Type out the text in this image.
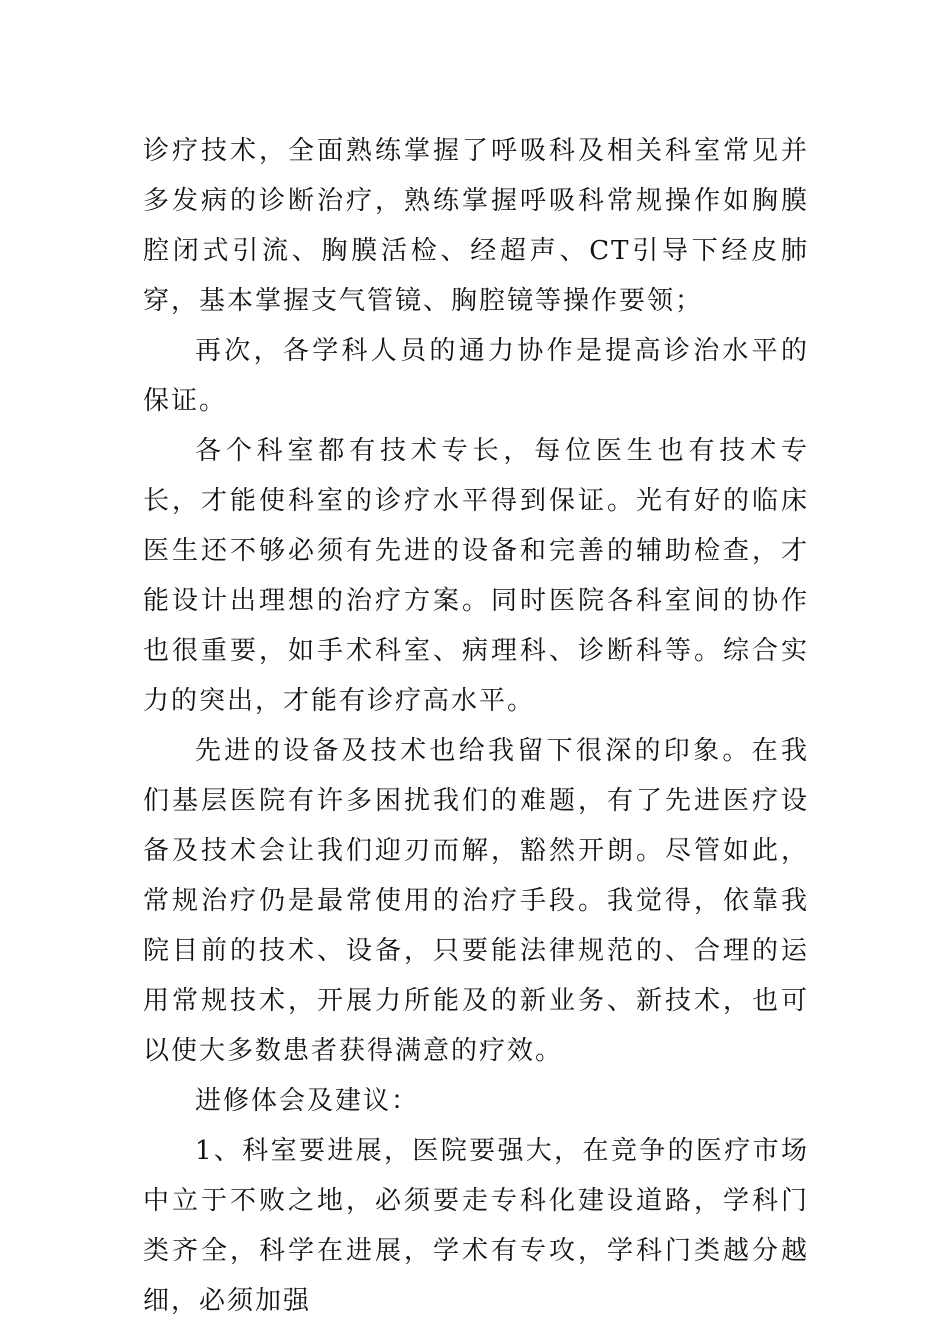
诊疗技术，全面熟练掌握了呼吸科及相关科室常见并多发病的诊断治疗，熟练掌握呼吸科常规操作如胸膜腔闭式引流、胸膜活检、经超声、CT引导下经皮肺穿，基本掌握支气管镜、胸腔镜等操作要领；

再次，各学科人员的通力协作是提高诊治水平的保证。

各个科室都有技术专长，每位医生也有技术专长，才能使科室的诊疗水平得到保证。光有好的临床医生还不够必须有先进的设备和完善的辅助检查，才能设计出理想的治疗方案。同时医院各科室间的协作也很重要，如手术科室、病理科、诊断科等。综合实力的突出，才能有诊疗高水平。

先进的设备及技术也给我留下很深的印象。在我们基层医院有许多困扰我们的难题，有了先进医疗设备及技术会让我们迎刃而解，豁然开朗。尽管如此，常规治疗仍是最常使用的治疗手段。我觉得，依靠我院目前的技术、设备，只要能法律规范的、合理的运用常规技术，开展力所能及的新业务、新技术，也可以使大多数患者获得满意的疗效。

进修体会及建议：

1、科室要进展，医院要强大，在竞争的医疗市场中立于不败之地，必须要走专科化建设道路，学科门类齐全，科学在进展，学术有专攻，学科门类越分越细，必须加强
